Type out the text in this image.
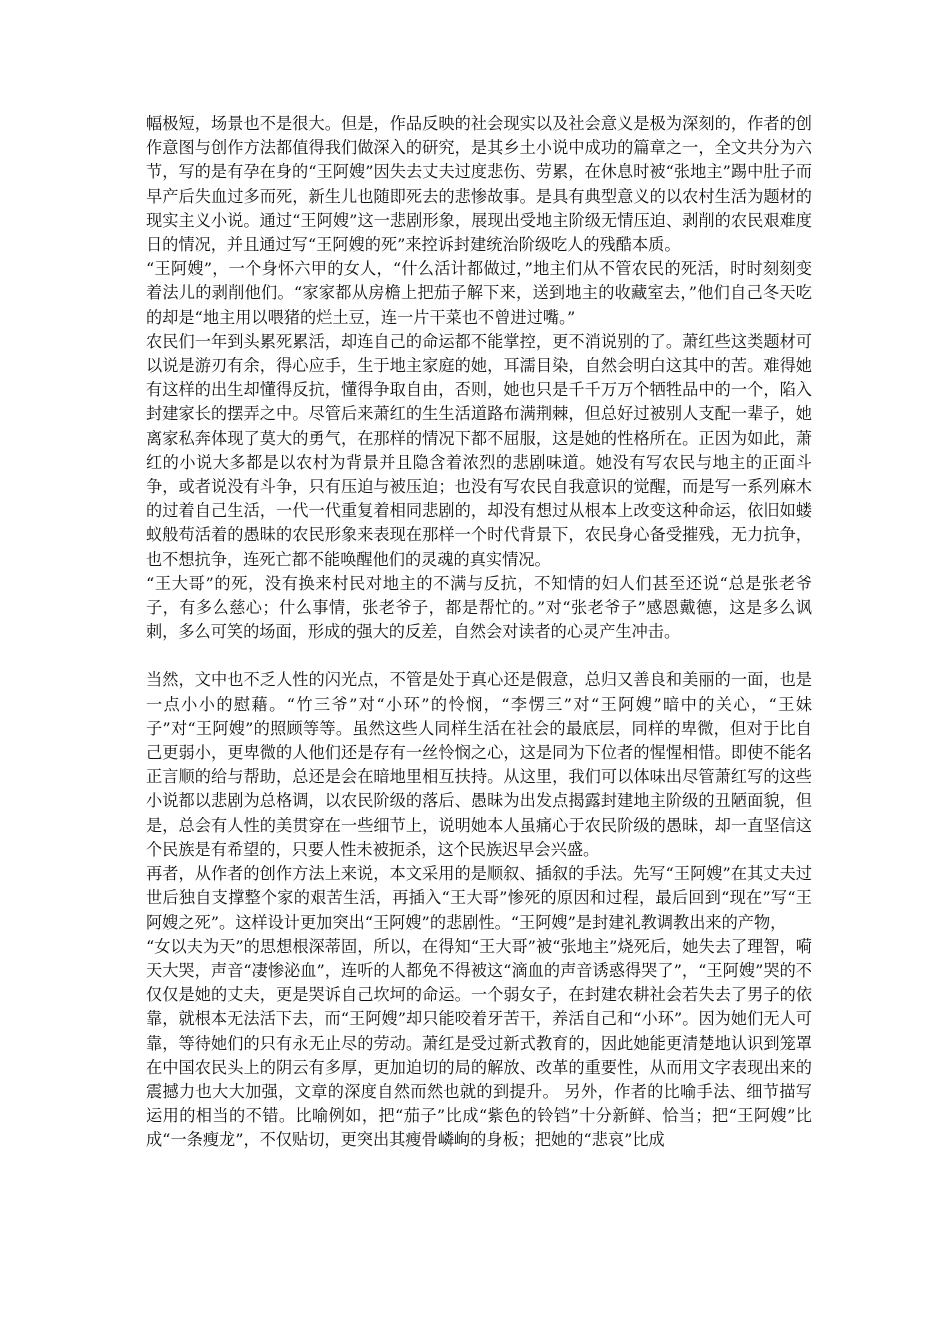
幅极短，场景也不是很大。但是，作品反映的社会现实以及社会意义是极为深刻的，作者的创作意图与创作方法都值得我们做深入的研究，是其乡土小说中成功的篇章之一，全文共分为六节，写的是有孕在身的“王阿嫂”因失去丈夫过度悲伤、劳累，在休息时被“张地主”踢中肚子而早产后失血过多而死，新生儿也随即死去的悲惨故事。是具有典型意义的以农村生活为题材的现实主义小说。通过“王阿嫂”这一悲剧形象，展现出受地主阶级无情压迫、剥削的农民艰难度日的情况，并且通过写“王阿嫂的死”来控诉封建统治阶级吃人的残酷本质。

“王阿嫂”，一个身怀六甲的女人，“什么活计都做过，”地主们从不管农民的死活，时时刻刻变着法儿的剥削他们。“家家都从房檐上把茄子解下来，送到地主的收藏室去，”他们自己冬天吃的却是“地主用以喂猪的烂土豆，连一片干菜也不曾进过嘴。”

农民们一年到头累死累活，却连自己的命运都不能掌控，更不消说别的了。萧红些这类题材可以说是游刃有余，得心应手，生于地主家庭的她，耳濡目染，自然会明白这其中的苦。难得她有这样的出生却懂得反抗，懂得争取自由，否则，她也只是千千万万个牺牲品中的一个，陷入封建家长的摆弄之中。尽管后来萧红的生生活道路布满荆棘，但总好过被别人支配一辈子，她离家私奔体现了莫大的勇气，在那样的情况下都不屈服，这是她的性格所在。正因为如此，萧红的小说大多都是以农村为背景并且隐含着浓烈的悲剧味道。她没有写农民与地主的正面斗争，或者说没有斗争，只有压迫与被压迫；也没有写农民自我意识的觉醒，而是写一系列麻木的过着自己生活，一代一代重复着相同悲剧的，却没有想过从根本上改变这种命运，依旧如蝼蚁般苟活着的愚昧的农民形象来表现在那样一个时代背景下，农民身心备受摧残，无力抗争，也不想抗争，连死亡都不能唤醒他们的灵魂的真实情况。

“王大哥”的死，没有换来村民对地主的不满与反抗，不知情的妇人们甚至还说“总是张老爷子，有多么慈心；什么事情，张老爷子，都是帮忙的。”对“张老爷子”感恩戴德，这是多么讽刺，多么可笑的场面，形成的强大的反差，自然会对读者的心灵产生冲击。

当然，文中也不乏人性的闪光点，不管是处于真心还是假意，总归又善良和美丽的一面，也是一点小小的慰藉。“竹三爷”对“小环”的怜悯，“李愣三”对“王阿嫂”暗中的关心，“王妹子”对“王阿嫂”的照顾等等。虽然这些人同样生活在社会的最底层，同样的卑微，但对于比自己更弱小，更卑微的人他们还是存有一丝怜悯之心，这是同为下位者的惺惺相惜。即使不能名正言顺的给与帮助，总还是会在暗地里相互扶持。从这里，我们可以体味出尽管萧红写的这些小说都以悲剧为总格调，以农民阶级的落后、愚昧为出发点揭露封建地主阶级的丑陋面貌，但是，总会有人性的美贯穿在一些细节上，说明她本人虽痛心于农民阶级的愚昧，却一直坚信这个民族是有希望的，只要人性未被扼杀，这个民族迟早会兴盛。

再者，从作者的创作方法上来说，本文采用的是顺叙、插叙的手法。先写“王阿嫂”在其丈夫过世后独自支撑整个家的艰苦生活，再插入“王大哥”惨死的原因和过程，最后回到“现在”写“王阿嫂之死”。这样设计更加突出“王阿嫂”的悲剧性。“王阿嫂”是封建礼教调教出来的产物，

“女以夫为天”的思想根深蒂固，所以，在得知“王大哥”被“张地主”烧死后，她失去了理智，嗬天大哭，声音“凄惨泌血”，连听的人都免不得被这“滴血的声音诱惑得哭了”，“王阿嫂”哭的不仅仅是她的丈夫，更是哭诉自己坎坷的命运。一个弱女子，在封建农耕社会若失去了男子的依靠，就根本无法活下去，而“王阿嫂”却只能咬着牙苦干，养活自己和“小环”。因为她们无人可靠，等待她们的只有永无止尽的劳动。萧红是受过新式教育的，因此她能更清楚地认识到笼罩在中国农民头上的阴云有多厚，更加迫切的局的解放、改革的重要性，从而用文字表现出来的震撼力也大大加强，文章的深度自然而然也就的到提升。 另外，作者的比喻手法、细节描写运用的相当的不错。比喻例如，把“茄子”比成“紫色的铃铛”十分新鲜、恰当；把“王阿嫂”比成“一条瘦龙”，不仅贴切，更突出其瘦骨嶙峋的身板；把她的“悲哀”比成
